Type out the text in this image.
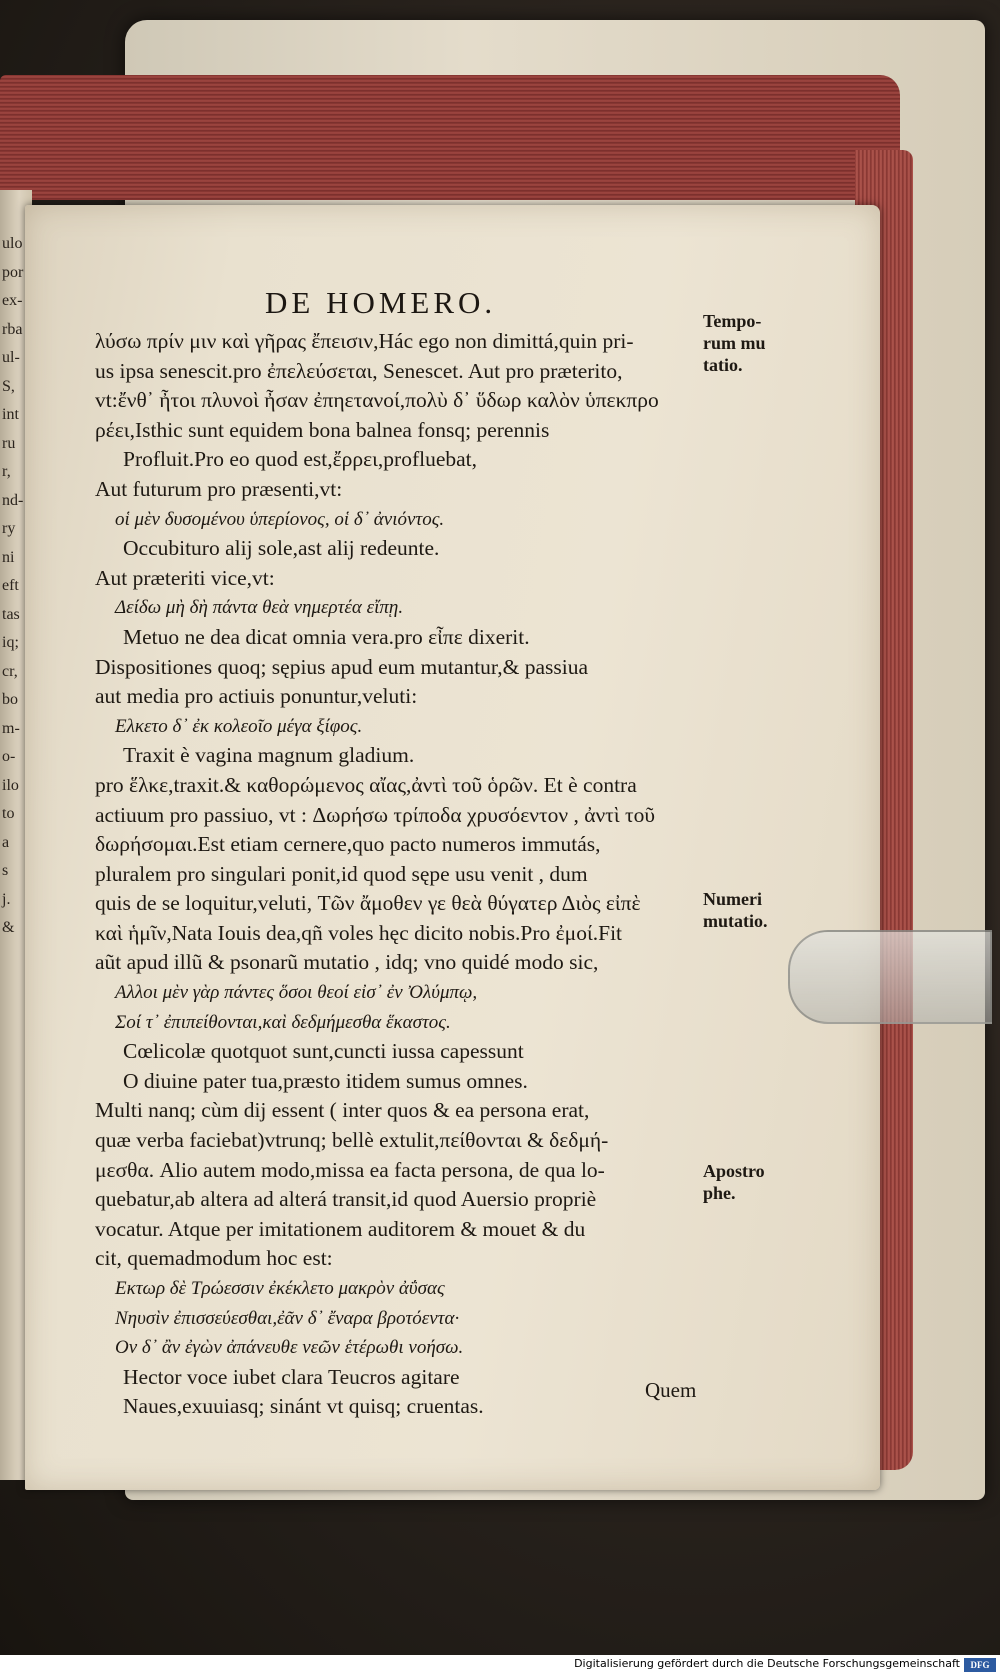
ulo
por
ex-
rba
ul-
S,
int
ru
r,
nd-
ry
ni
eft
tas
iq;
cr,
bo
m-
o-
ilo
to
a
s
j.
&
DE HOMERO.
λύσω πρίν μιν καὶ γῆρας ἔπεισιν,Hác ego non dimittá,quin pri-
us ipsa senescit.pro ἐπελεύσεται, Senescet. Aut pro præterito,
vt:ἔνθ᾽ ἦτοι πλυνοὶ ἦσαν ἐπηετανοί,πολὺ δ᾽ ὕδωρ καλὸν ὑπεκπρο
ρέει,Isthic sunt equidem bona balnea fonsq; perennis
Profluit.Pro eo quod est,ἔρρει,profluebat,
Aut futurum pro præsenti,vt:
οἱ μὲν δυσομένου ὑπερίονος, οἱ δ᾽ ἀνιόντος.
Occubituro alij sole,ast alij redeunte.
Aut præteriti vice,vt:
Δείδω μὴ δὴ πάντα θεὰ νημερτέα εἴπῃ.
Metuo ne dea dicat omnia vera.pro εἶπε dixerit.
Dispositiones quoq; sępius apud eum mutantur,& passiua
aut media pro actiuis ponuntur,veluti:
Ελκετο δ᾽ ἐκ κολεοῖο μέγα ξίφος.
Traxit è vagina magnum gladium.
pro ἕλκε,traxit.& καθορώμενος αἴας,ἀντὶ τοῦ ὁρῶν. Et è contra
actiuum pro passiuo, vt : Δωρήσω τρίποδα χρυσόεντον , ἀντὶ τοῦ
δωρήσομαι.Est etiam cernere,quo pacto numeros immutás,
pluralem pro singulari ponit,id quod sępe usu venit , dum
quis de se loquitur,veluti, Τῶν ἄμοθεν γε θεὰ θύγατερ Διὸς εἰπὲ
καὶ ἡμῖν,Nata Iouis dea,qñ voles hęc dicito nobis.Pro ἐμοί.Fit
aũt apud illũ & psonarũ mutatio , idq; vno quidé modo sic,
Αλλοι μὲν γὰρ πάντες ὅσοι θεοί εἰσ᾽ ἐν Ὀλύμπῳ,
Σοί τ᾽ ἐπιπείθονται,καὶ δεδμήμεσθα ἕκαστος.
Cœlicolæ quotquot sunt,cuncti iussa capessunt
O diuine pater tua,præsto itidem sumus omnes.
Multi nanq; cùm dij essent ( inter quos & ea persona erat,
quæ verba faciebat)vtrunq; bellè extulit,πείθονται & δεδμή-
μεσθα. Alio autem modo,missa ea facta persona, de qua lo-
quebatur,ab altera ad alterá transit,id quod Auersio propriè
vocatur. Atque per imitationem auditorem & mouet & du
cit, quemadmodum hoc est:
Εκτωρ δὲ Τρώεσσιν ἐκέκλετο μακρὸν ἀΰσας
Νηυσὶν ἐπισσεύεσθαι,ἐᾶν δ᾽ ἔναρα βροτόεντα·
Ον δ᾽ ἂν ἐγὼν ἀπάνευθε νεῶν ἑτέρωθι νοήσω.
Hector voce iubet clara Teucros agitare
Naues,exuuiasq; sinánt vt quisq; cruentas.
Tempo- rum mu tatio.
Numeri mutatio.
Apostro phe.
Quem
Digitalisierung gefördert durch die Deutsche Forschungsgemeinschaft	DFG
